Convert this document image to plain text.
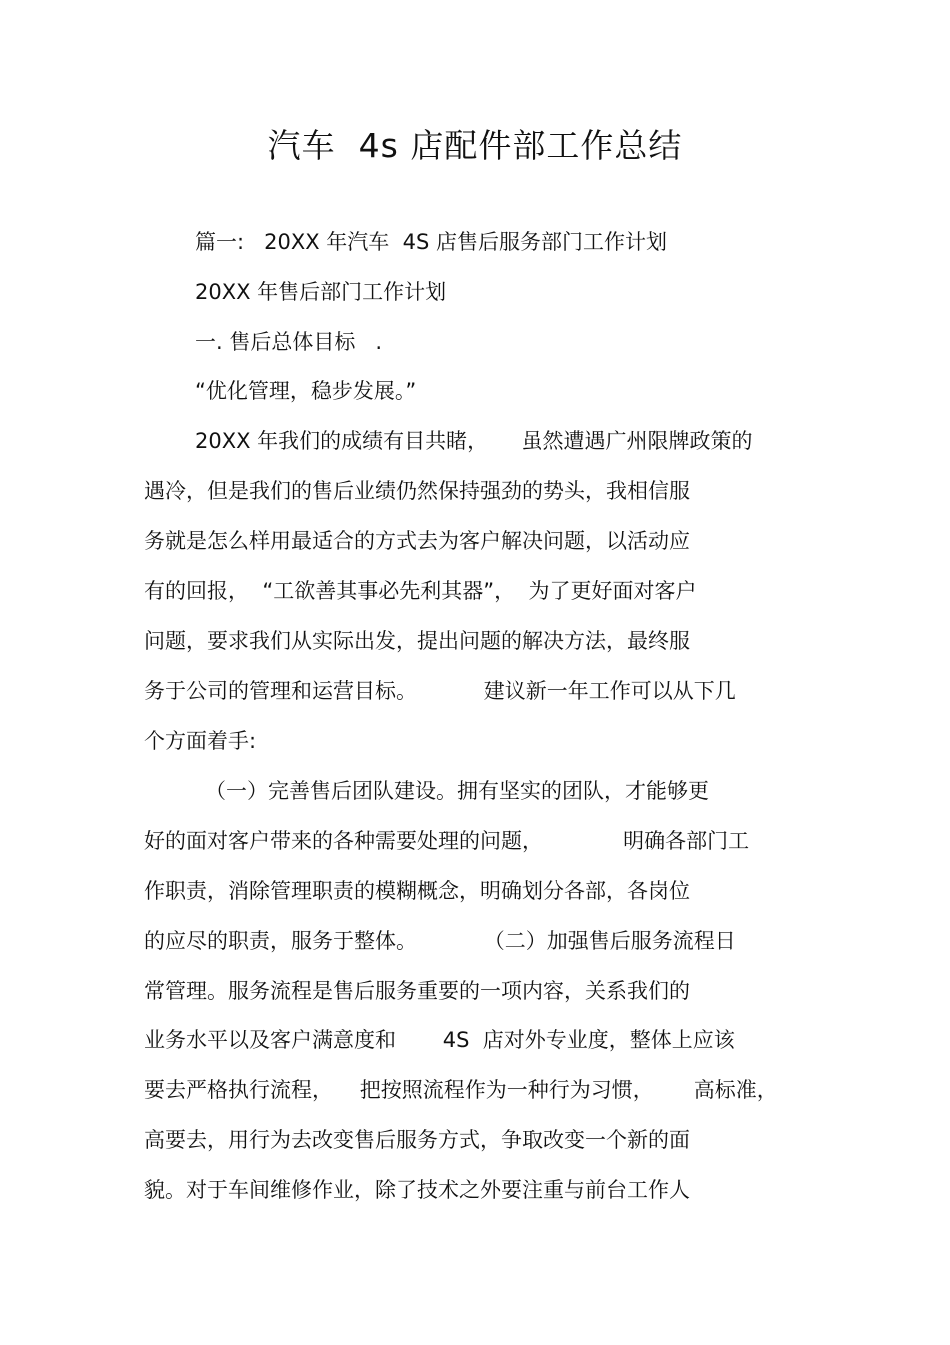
汽车  4s 店配件部工作总结
篇一:   20XX 年汽车  4S 店售后服务部门工作计划
20XX 年售后部门工作计划
一. 售后总体目标   .
“优化管理，稳步发展。”
20XX 年我们的成绩有目共睹，     虽然遭遇广州限牌政策的
遇冷，但是我们的售后业绩仍然保持强劲的势头，我相信服
务就是怎么样用最适合的方式去为客户解决问题，以活动应
有的回报，  “工欲善其事必先利其器”，  为了更好面对客户
问题，要求我们从实际出发，提出问题的解决方法，最终服
务于公司的管理和运营目标。          建议新一年工作可以从下几
个方面着手:
（一）完善售后团队建设。拥有坚实的团队，才能够更
好的面对客户带来的各种需要处理的问题，            明确各部门工
作职责，消除管理职责的模糊概念，明确划分各部，各岗位
的应尽的职责，服务于整体。          （二）加强售后服务流程日
常管理。服务流程是售后服务重要的一项内容，关系我们的
业务水平以及客户满意度和       4S  店对外专业度，整体上应该
要去严格执行流程，    把按照流程作为一种行为习惯，      高标准，
高要去，用行为去改变售后服务方式，争取改变一个新的面
貌。对于车间维修作业，除了技术之外要注重与前台工作人
